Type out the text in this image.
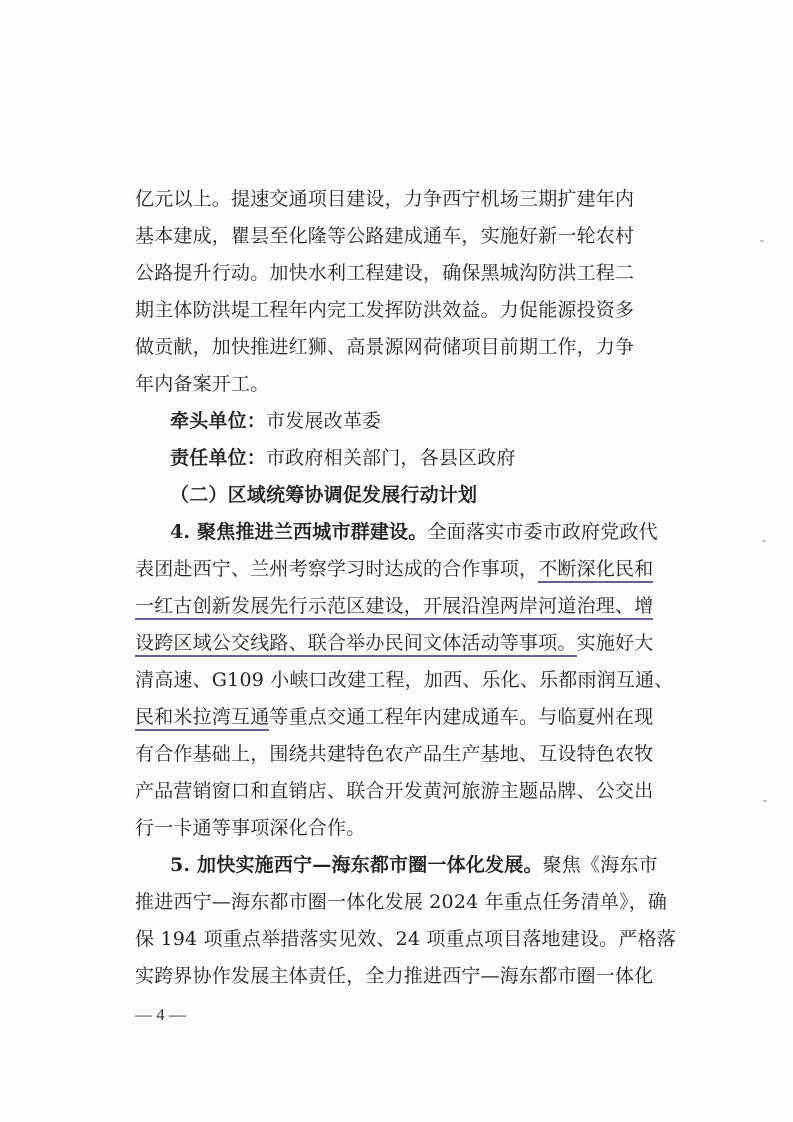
亿元以上。提速交通项目建设，力争西宁机场三期扩建年内
基本建成，瞿昙至化隆等公路建成通车，实施好新一轮农村
公路提升行动。加快水利工程建设，确保黑城沟防洪工程二
期主体防洪堤工程年内完工发挥防洪效益。力促能源投资多
做贡献，加快推进红狮、高景源网荷储项目前期工作，力争
年内备案开工。
牵头单位：市发展改革委
责任单位：市政府相关部门，各县区政府
（二）区域统筹协调促发展行动计划
4. 聚焦推进兰西城市群建设。全面落实市委市政府党政代
表团赴西宁、兰州考察学习时达成的合作事项，不断深化民和
一红古创新发展先行示范区建设，开展沿湟两岸河道治理、增
设跨区域公交线路、联合举办民间文体活动等事项。实施好大
清高速、G109 小峡口改建工程，加西、乐化、乐都雨润互通、
民和米拉湾互通等重点交通工程年内建成通车。与临夏州在现
有合作基础上，围绕共建特色农产品生产基地、互设特色农牧
产品营销窗口和直销店、联合开发黄河旅游主题品牌、公交出
行一卡通等事项深化合作。
5. 加快实施西宁—海东都市圈一体化发展。聚焦《海东市
推进西宁—海东都市圈一体化发展 2024 年重点任务清单》，确
保 194 项重点举措落实见效、24 项重点项目落地建设。严格落
实跨界协作发展主体责任，全力推进西宁—海东都市圈一体化
— 4 —
